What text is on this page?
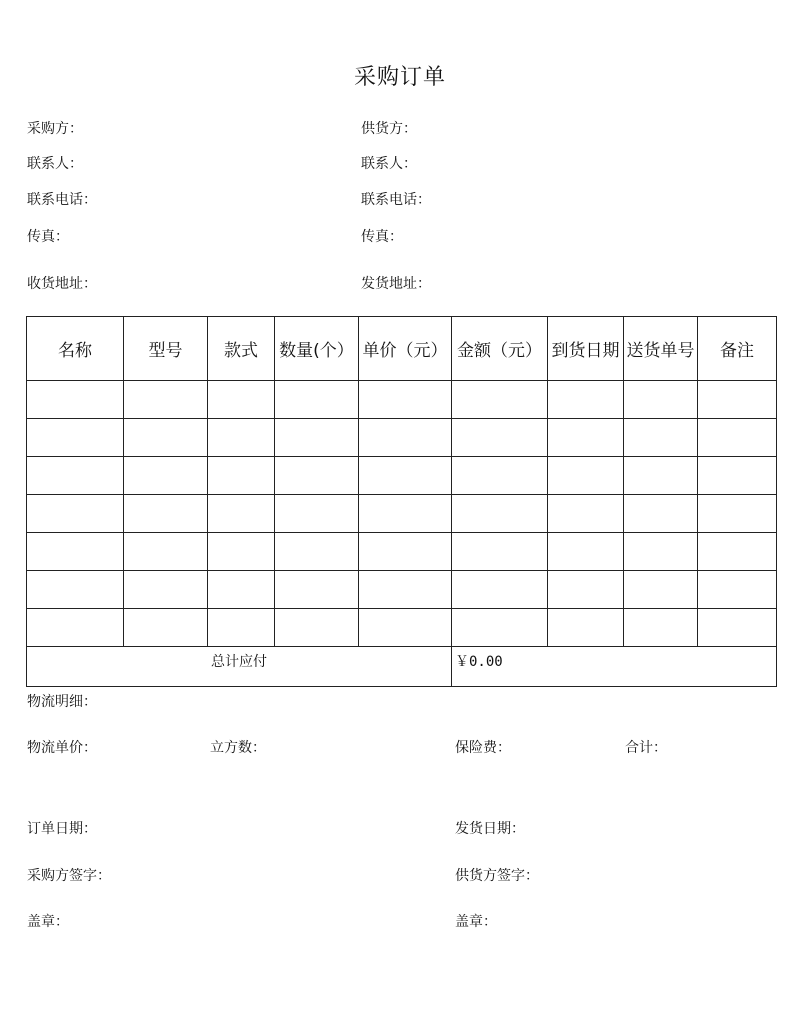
采购订单
采购方：	供货方：
联系人：	联系人：
联系电话：	联系电话：
传真：	传真：
收货地址：	发货地址：
名称	型号	款式	数量(个）	单价（元）	金额（元）	到货日期	送货单号	备注

总计应付					￥0.00			
物流明细：
物流单价：	立方数：	保险费：	合计：
订单日期：	发货日期：
采购方签字：	供货方签字：
盖章：	盖章：
